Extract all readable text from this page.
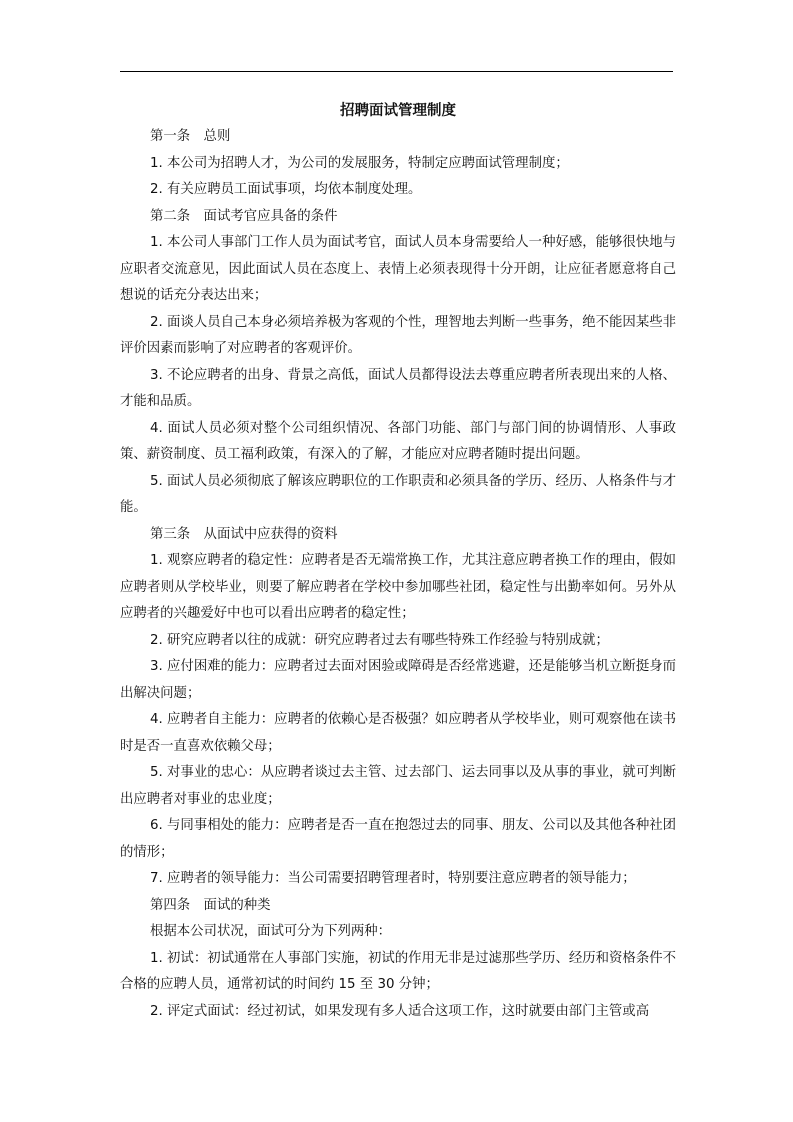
招聘面试管理制度
第一条　总则
1. 本公司为招聘人才，为公司的发展服务，特制定应聘面试管理制度；
2. 有关应聘员工面试事项，均依本制度处理。
第二条　面试考官应具备的条件

1. 本公司人事部门工作人员为面试考官，面试人员本身需要给人一种好感，能够很快地与应职者交流意见，因此面试人员在态度上、表情上必须表现得十分开朗，让应征者愿意将自己想说的话充分表达出来；

2. 面谈人员自己本身必须培养极为客观的个性，理智地去判断一些事务，绝不能因某些非评价因素而影响了对应聘者的客观评价。

3. 不论应聘者的出身、背景之高低，面试人员都得设法去尊重应聘者所表现出来的人格、才能和品质。

4. 面试人员必须对整个公司组织情况、各部门功能、部门与部门间的协调情形、人事政策、薪资制度、员工福利政策，有深入的了解，才能应对应聘者随时提出问题。

5. 面试人员必须彻底了解该应聘职位的工作职责和必须具备的学历、经历、人格条件与才能。

第三条　从面试中应获得的资料

1. 观察应聘者的稳定性：应聘者是否无端常换工作，尤其注意应聘者换工作的理由，假如应聘者则从学校毕业，则要了解应聘者在学校中参加哪些社团，稳定性与出勤率如何。另外从应聘者的兴趣爱好中也可以看出应聘者的稳定性；

2. 研究应聘者以往的成就：研究应聘者过去有哪些特殊工作经验与特别成就；

3. 应付困难的能力：应聘者过去面对困验或障碍是否经常逃避，还是能够当机立断挺身而出解决问题；

4. 应聘者自主能力：应聘者的依赖心是否极强？如应聘者从学校毕业，则可观察他在读书时是否一直喜欢依赖父母；

5. 对事业的忠心：从应聘者谈过去主管、过去部门、运去同事以及从事的事业，就可判断出应聘者对事业的忠业度；

6. 与同事相处的能力：应聘者是否一直在抱怨过去的同事、朋友、公司以及其他各种社团的情形；

7. 应聘者的领导能力：当公司需要招聘管理者时，特别要注意应聘者的领导能力；
第四条　面试的种类
根据本公司状况，面试可分为下列两种：

1. 初试：初试通常在人事部门实施，初试的作用无非是过滤那些学历、经历和资格条件不合格的应聘人员，通常初试的时间约 15 至 30 分钟；

2. 评定式面试：经过初试，如果发现有多人适合这项工作，这时就要由部门主管或高
